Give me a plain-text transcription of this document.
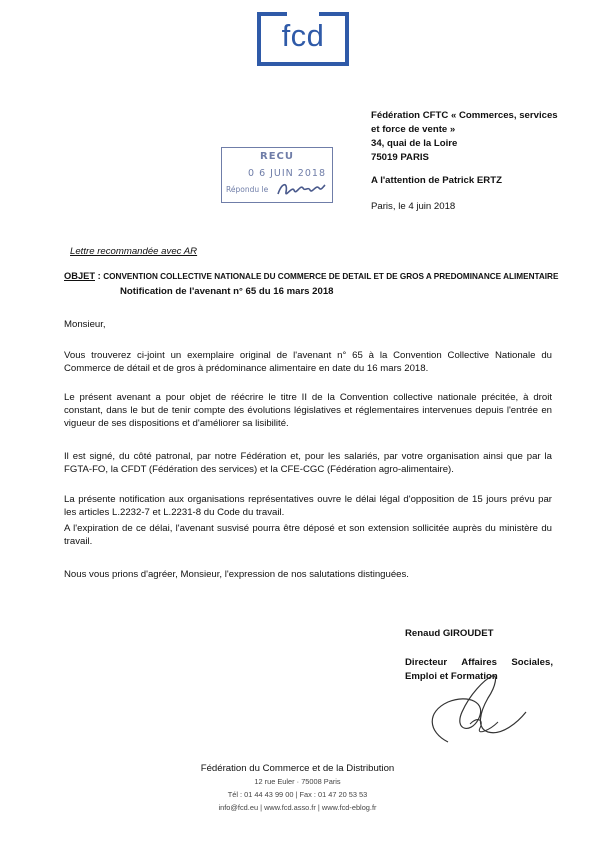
fcd
Fédération CFTC « Commerces, services
et force de vente »
34, quai de la Loire
75019 PARIS
A l'attention de Patrick ERTZ
Paris, le 4 juin 2018
RECU
0 6 JUIN 2018
Répondu le
Lettre recommandée avec AR
OBJET : CONVENTION COLLECTIVE NATIONALE DU COMMERCE DE DETAIL ET DE GROS A PREDOMINANCE ALIMENTAIRE
Notification de l'avenant n° 65 du 16 mars 2018
Monsieur,
Vous trouverez ci-joint un exemplaire original de l'avenant n° 65 à la Convention Collective Nationale du Commerce de détail et de gros à prédominance alimentaire en date du 16 mars 2018.
Le présent avenant a pour objet de réécrire le titre II de la Convention collective nationale précitée, à droit constant, dans le but de tenir compte des évolutions législatives et réglementaires intervenues depuis l'entrée en vigueur de ses dispositions et d'améliorer sa lisibilité.
Il est signé, du côté patronal, par notre Fédération et, pour les salariés, par votre organisation ainsi que par la FGTA-FO, la CFDT (Fédération des services) et la CFE-CGC (Fédération agro-alimentaire).
La présente notification aux organisations représentatives ouvre le délai légal d'opposition de 15 jours prévu par les articles L.2232-7 et L.2231-8 du Code du travail.
A l'expiration de ce délai, l'avenant susvisé pourra être déposé et son extension sollicitée auprès du ministère du travail.
Nous vous prions d'agréer, Monsieur, l'expression de nos salutations distinguées.
Renaud GIROUDET
Directeur Affaires Sociales,
Emploi et Formation
Fédération du Commerce et de la Distribution
12 rue Euler · 75008 Paris
Tél : 01 44 43 99 00 | Fax : 01 47 20 53 53
info@fcd.eu | www.fcd.asso.fr | www.fcd-eblog.fr
